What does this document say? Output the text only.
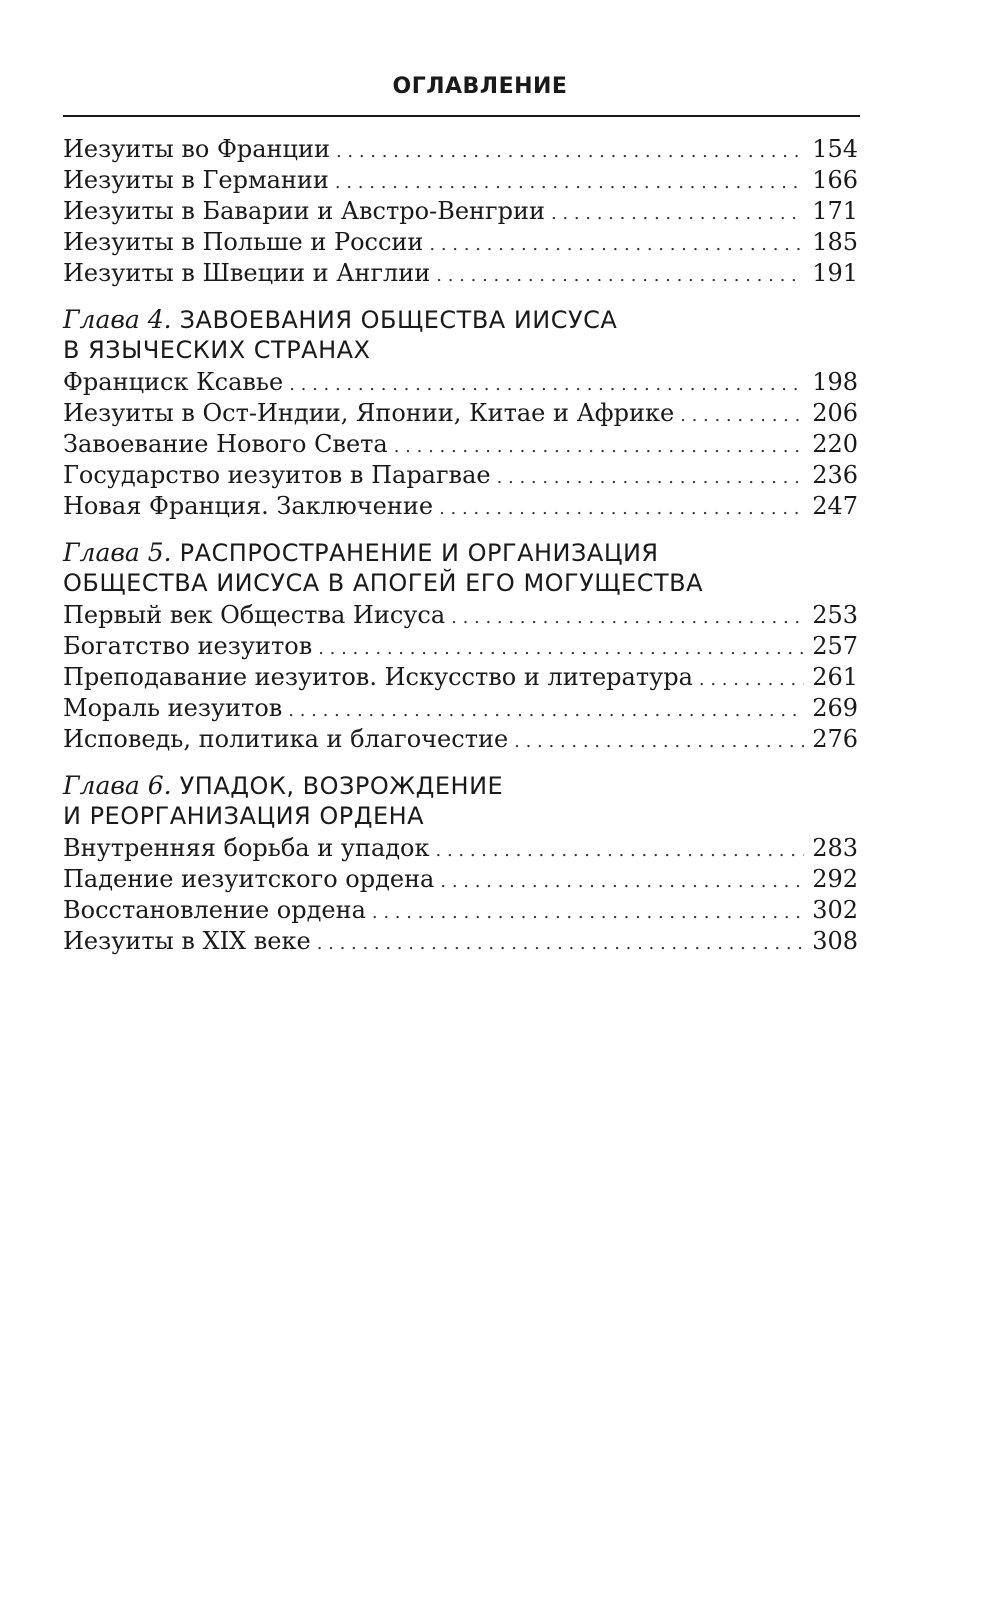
ОГЛАВЛЕНИЕ
Иезуиты во Франции . . .	154
Иезуиты в Германии . . .	166
Иезуиты в Баварии и Австро-Венгрии . . .	171
Иезуиты в Польше и России . . .	185
Иезуиты в Швеции и Англии . . .	191
Глава 4. ЗАВОЕВАНИЯ ОБЩЕСТВА ИИСУСА
В ЯЗЫЧЕСКИХ СТРАНАХ
Франциск Ксавье . . .	198
Иезуиты в Ост-Индии, Японии, Китае и Африке . . .	206
Завоевание Нового Света . . .	220
Государство иезуитов в Парагвае . . .	236
Новая Франция. Заключение . . .	247
Глава 5. РАСПРОСТРАНЕНИЕ И ОРГАНИЗАЦИЯ
ОБЩЕСТВА ИИСУСА В АПОГЕЙ ЕГО МОГУЩЕСТВА
Первый век Общества Иисуса . . .	253
Богатство иезуитов . . .	257
Преподавание иезуитов. Искусство и литература . . .	261
Мораль иезуитов . . .	269
Исповедь, политика и благочестие . . .	276
Глава 6. УПАДОК, ВОЗРОЖДЕНИЕ
И РЕОРГАНИЗАЦИЯ ОРДЕНА
Внутренняя борьба и упадок . . .	283
Падение иезуитского ордена . . .	292
Восстановление ордена . . .	302
Иезуиты в XIX веке . . .	308
